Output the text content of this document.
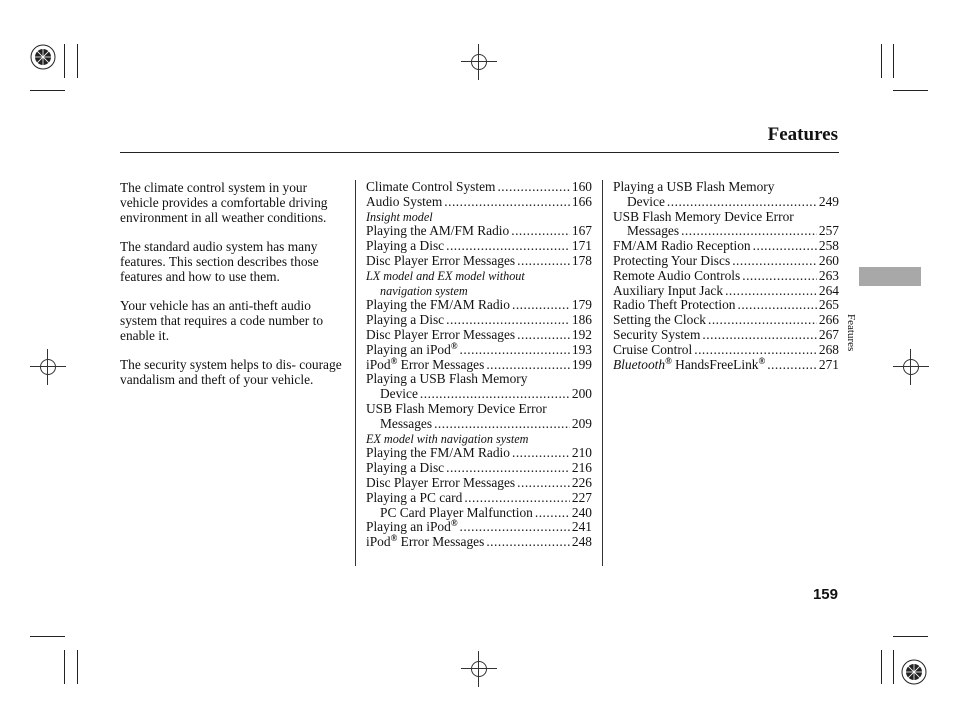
Features

The climate control system in your vehicle provides a comfortable driving environment in all weather conditions.

The standard audio system has many features. This section describes those features and how to use them.

Your vehicle has an anti-theft audio system that requires a code number to enable it.

The security system helps to dis- courage vandalism and theft of your vehicle.

Climate Control System .....	160
Audio System .....	166
Insight model
Playing the AM/FM Radio .....	167
Playing a Disc .....	171
Disc Player Error Messages .....	178
LX model and EX model without
navigation system
Playing the FM/AM Radio .....	179
Playing a Disc .....	186
Disc Player Error Messages .....	192
Playing an iPod® .....	193
iPod® Error Messages .....	199
Playing a USB Flash Memory
Device .....	200
USB Flash Memory Device Error
Messages .....	209
EX model with navigation system
Playing the FM/AM Radio .....	210
Playing a Disc .....	216
Disc Player Error Messages .....	226
Playing a PC card .....	227
PC Card Player Malfunction .....	240
Playing an iPod® .....	241
iPod® Error Messages .....	248
Playing a USB Flash Memory
Device .....	249
USB Flash Memory Device Error
Messages .....	257
FM/AM Radio Reception .....	258
Protecting Your Discs .....	260
Remote Audio Controls .....	263
Auxiliary Input Jack .....	264
Radio Theft Protection .....	265
Setting the Clock .....	266
Security System .....	267
Cruise Control .....	268
Bluetooth® HandsFreeLink® .....	271
Features
159
